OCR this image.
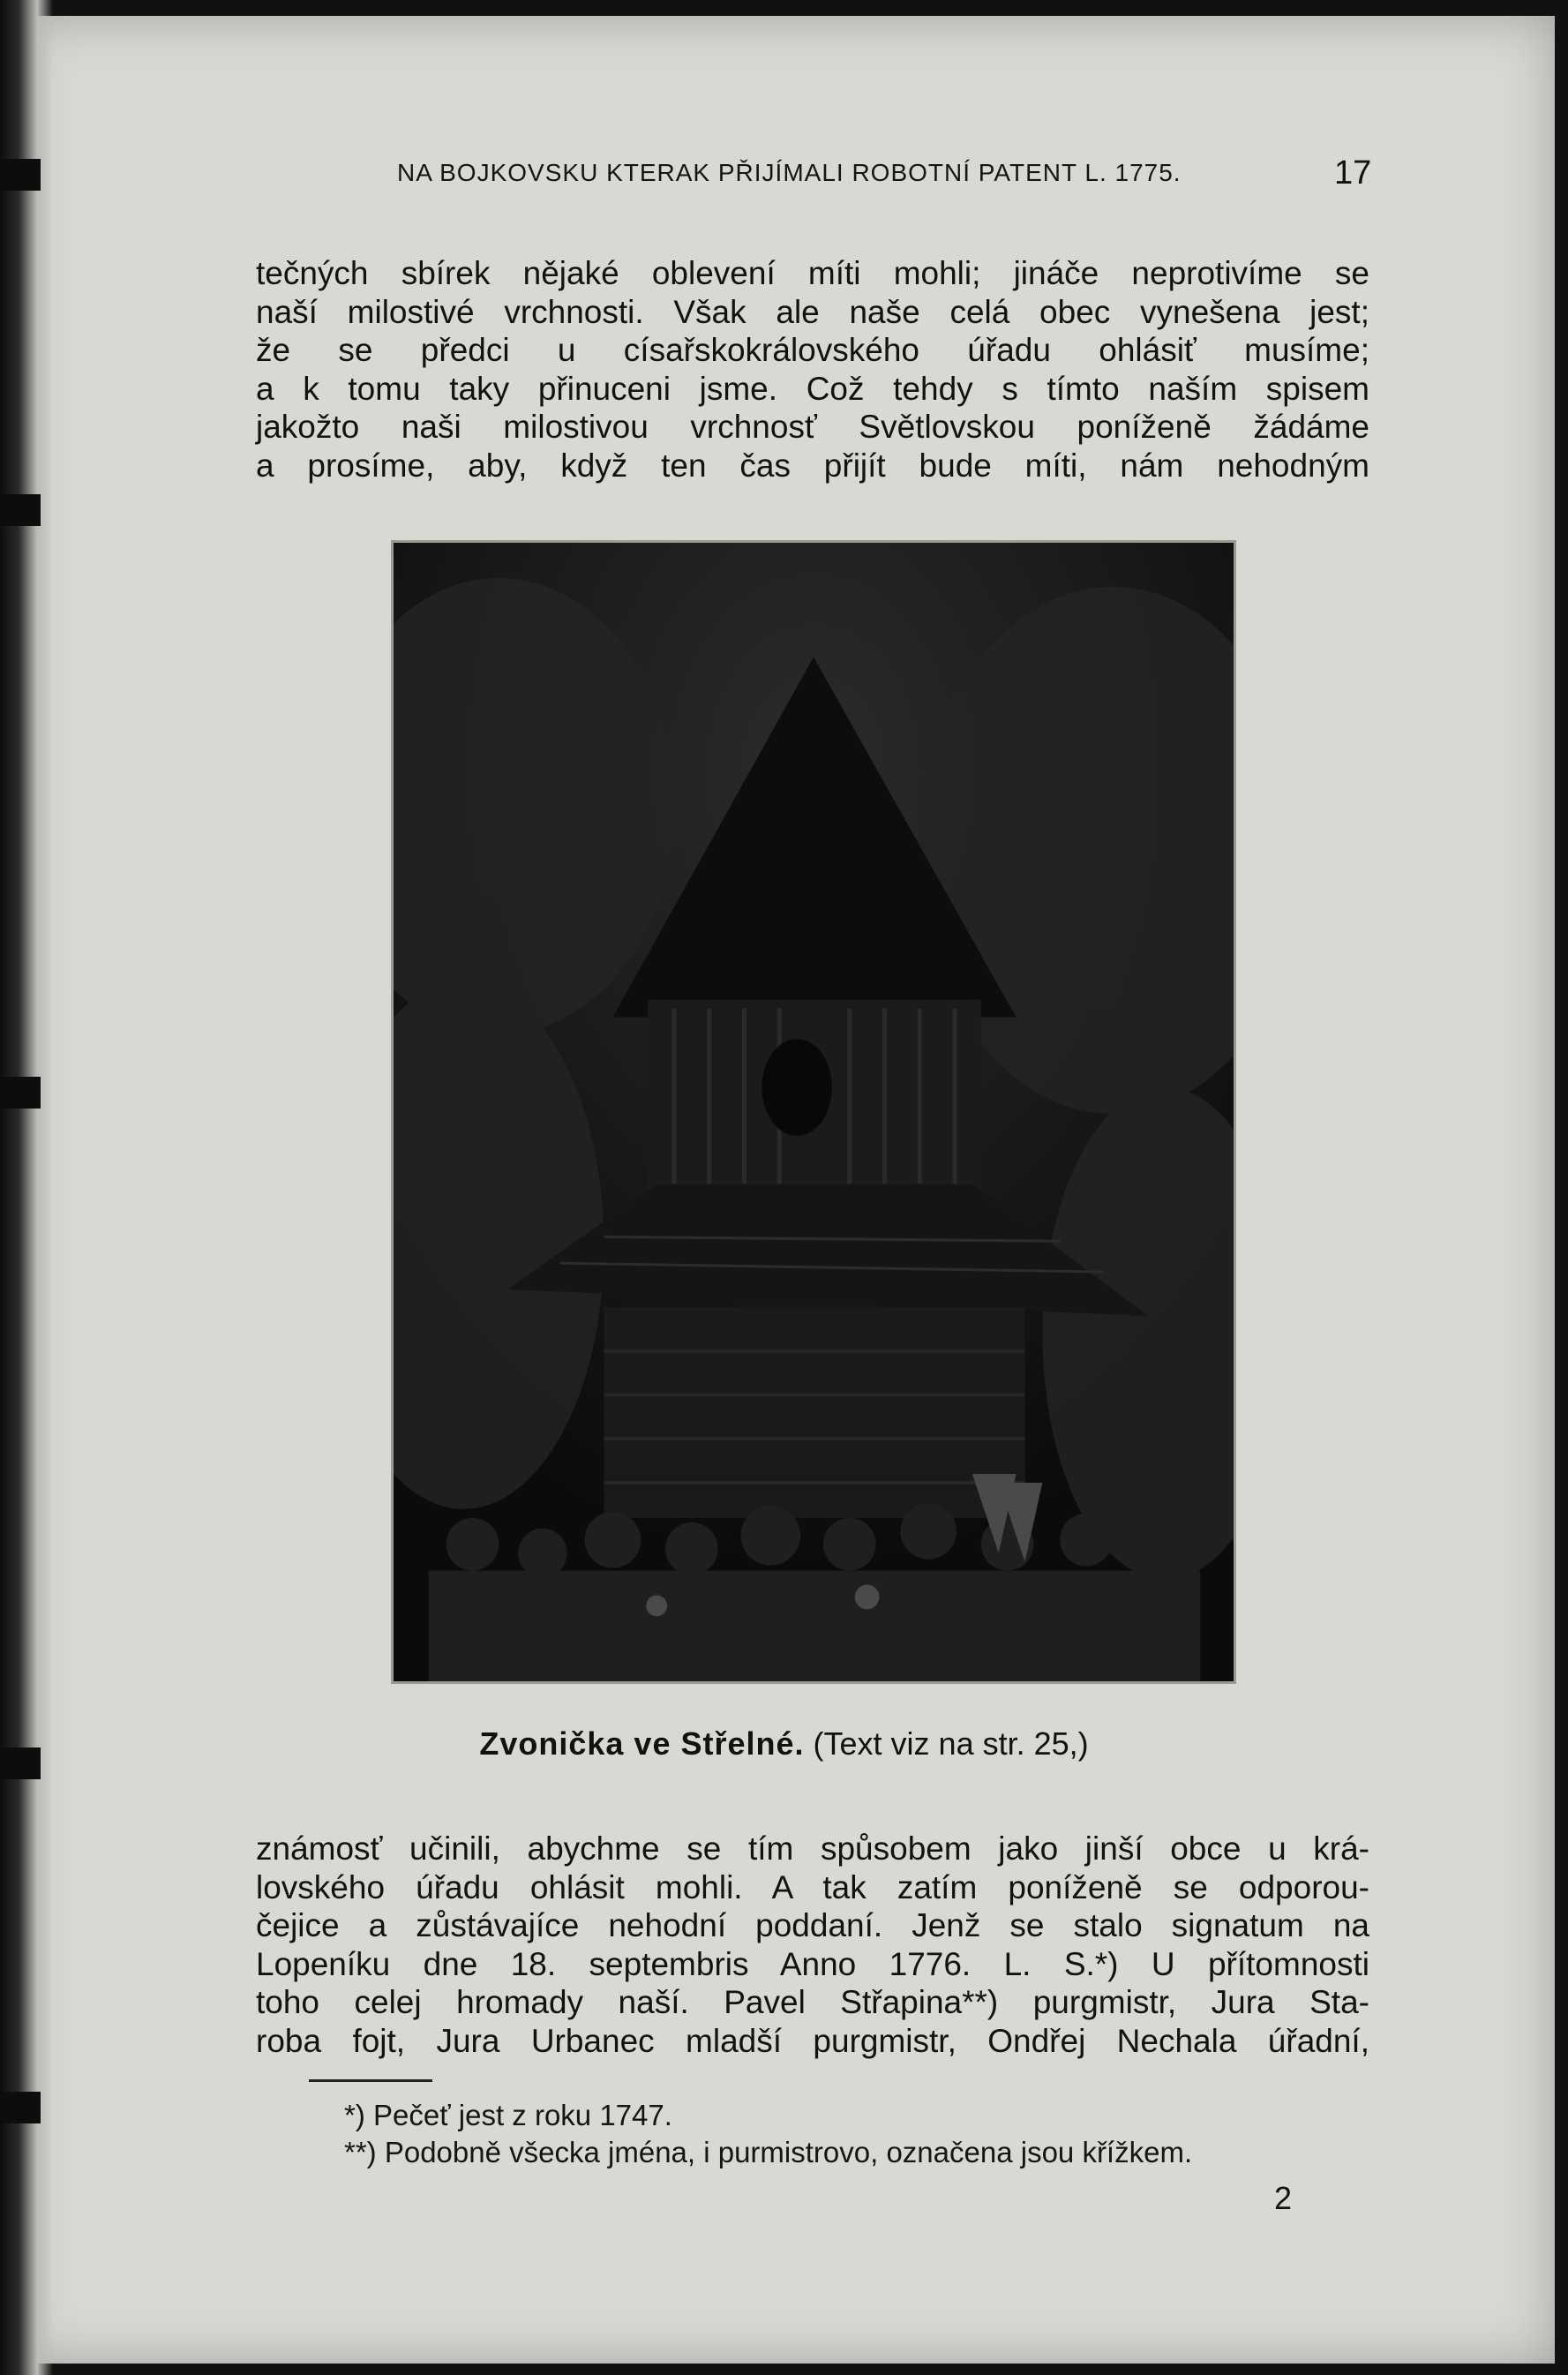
NA BOJKOVSKU KTERAK PŘIJÍMALI ROBOTNÍ PATENT L. 1775.	17
tečných sbírek nějaké oblevení míti mohli; jináče neprotivíme se
naší milostivé vrchnosti. Však ale naše celá obec vynešena jest;
že se předci u císařskokrálovského úřadu ohlásiť musíme;
a k tomu taky přinuceni jsme. Což tehdy s tímto naším spisem
jakožto naši milostivou vrchnosť Světlovskou poníženě žádáme
a prosíme, aby, když ten čas přijít bude míti, nám nehodným
Zvonička ve Střelné. (Text viz na str. 25,)
známosť učinili, abychme se tím spůsobem jako jinší obce u krá-
lovského úřadu ohlásit mohli. A tak zatím poníženě se odporou-
čejice a zůstávajíce nehodní poddaní. Jenž se stalo signatum na
Lopeníku dne 18. septembris Anno 1776. L. S.*) U přítomnosti
toho celej hromady naší. Pavel Střapina**) purgmistr, Jura Sta-
roba fojt, Jura Urbanec mladší purgmistr, Ondřej Nechala úřadní,
*) Pečeť jest z roku 1747.
**) Podobně všecka jména, i purmistrovo, označena jsou křížkem.
2
